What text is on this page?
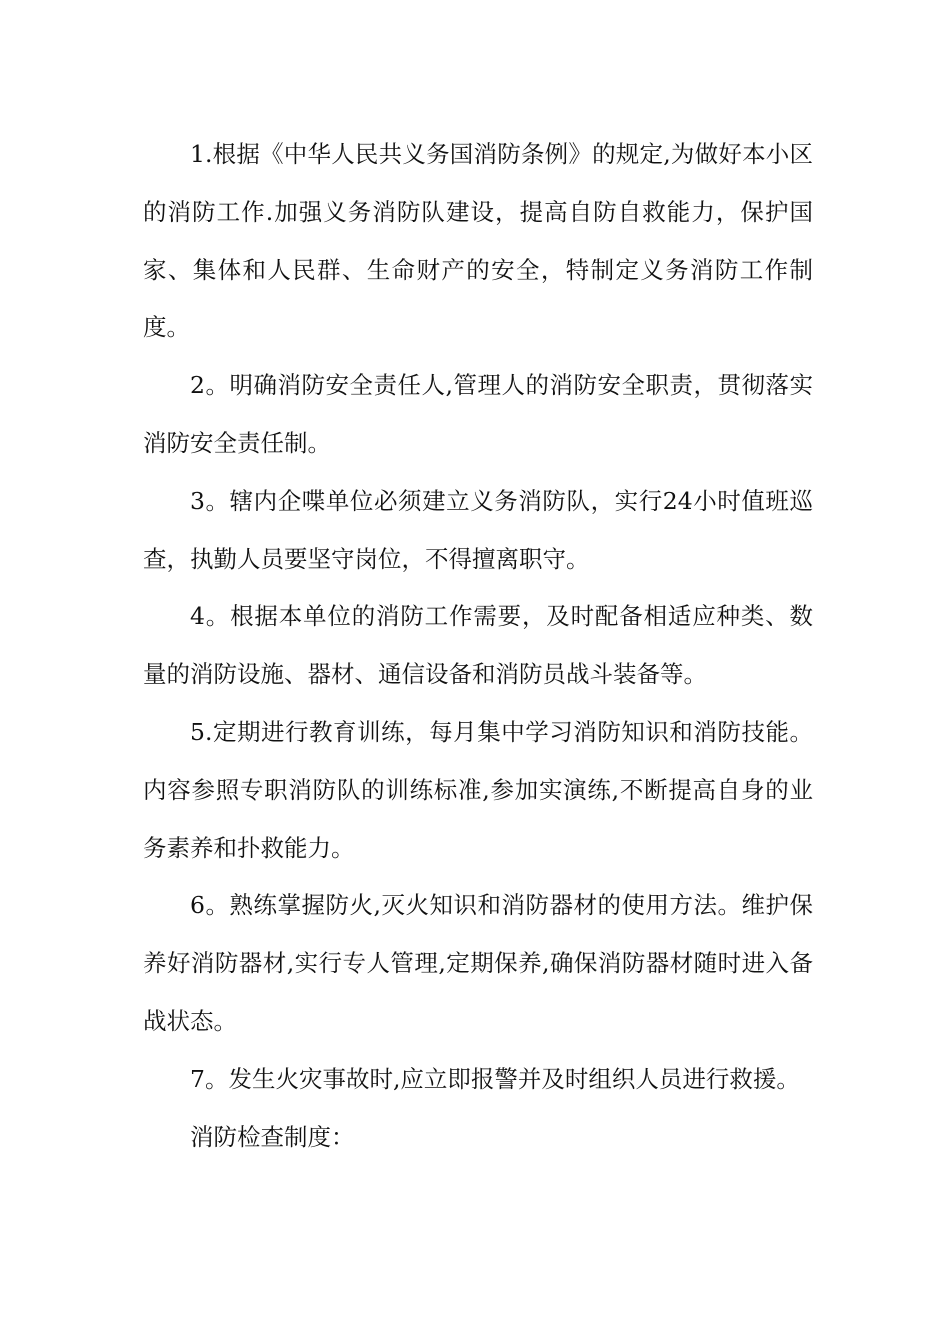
1.根据《中华人民共义务国消防条例》的规定,为做好本小区的消防工作.加强义务消防队建设，提高自防自救能力，保护国家、集体和人民群、生命财产的安全，特制定义务消防工作制度。

2。明确消防安全责任人,管理人的消防安全职责，贯彻落实消防安全责任制。

3。辖内企喋单位必须建立义务消防队，实行24小时值班巡查，执勤人员要坚守岗位，不得擅离职守。

4。根据本单位的消防工作需要，及时配备相适应种类、数量的消防设施、器材、通信设备和消防员战斗装备等。

5.定期进行教育训练，每月集中学习消防知识和消防技能。内容参照专职消防队的训练标准,参加实演练,不断提高自身的业务素养和扑救能力。

6。熟练掌握防火,灭火知识和消防器材的使用方法。维护保养好消防器材,实行专人管理,定期保养,确保消防器材随时进入备战状态。

7。发生火灾事故时,应立即报警并及时组织人员进行救援。

消防检查制度：
